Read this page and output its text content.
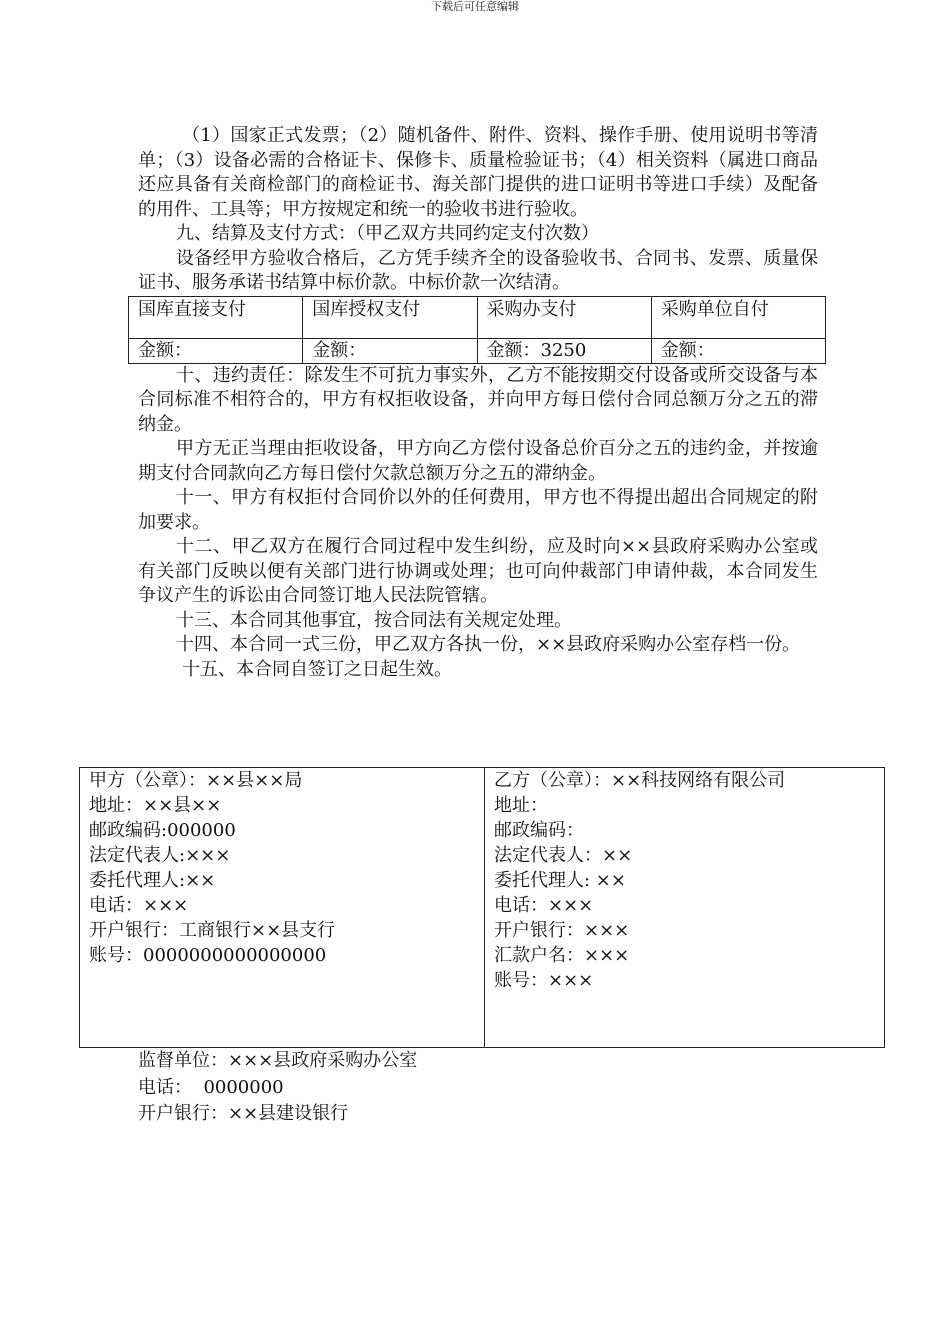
下载后可任意编辑

（1）国家正式发票；（2）随机备件、附件、资料、操作手册、使用说明书等清单；（3）设备必需的合格证卡、保修卡、质量检验证书；（4）相关资料（属进口商品还应具备有关商检部门的商检证书、海关部门提供的进口证明书等进口手续）及配备的用件、工具等；甲方按规定和统一的验收书进行验收。

九、结算及支付方式：（甲乙双方共同约定支付次数）

设备经甲方验收合格后，乙方凭手续齐全的设备验收书、合同书、发票、质量保证书、服务承诺书结算中标价款。中标价款一次结清。

国库直接支付	国库授权支付	采购办支付	采购单位自付
金额：	金额：	金额：3250	金额：

十、违约责任：除发生不可抗力事实外，乙方不能按期交付设备或所交设备与本合同标准不相符合的，甲方有权拒收设备，并向甲方每日偿付合同总额万分之五的滞纳金。

甲方无正当理由拒收设备，甲方向乙方偿付设备总价百分之五的违约金，并按逾期支付合同款向乙方每日偿付欠款总额万分之五的滞纳金。

十一、甲方有权拒付合同价以外的任何费用，甲方也不得提出超出合同规定的附加要求。

十二、甲乙双方在履行合同过程中发生纠纷，应及时向××县政府采购办公室或有关部门反映以便有关部门进行协调或处理；也可向仲裁部门申请仲裁，本合同发生争议产生的诉讼由合同签订地人民法院管辖。

十三、本合同其他事宜，按合同法有关规定处理。

十四、本合同一式三份，甲乙双方各执一份，××县政府采购办公室存档一份。

十五、本合同自签订之日起生效。

甲方（公章）：××县××局
地址：××县××
邮政编码:000000
法定代表人:×××
委托代理人:××
电话：×××
开户银行：工商银行××县支行
账号：0000000000000000

乙方（公章）：××科技网络有限公司
地址：
邮政编码：
法定代表人：××
委托代理人: ××
电话：×××
开户银行：×××
汇款户名：×××
账号：×××
监督单位：×××县政府采购办公室
电话：  0000000
开户银行：××县建设银行
